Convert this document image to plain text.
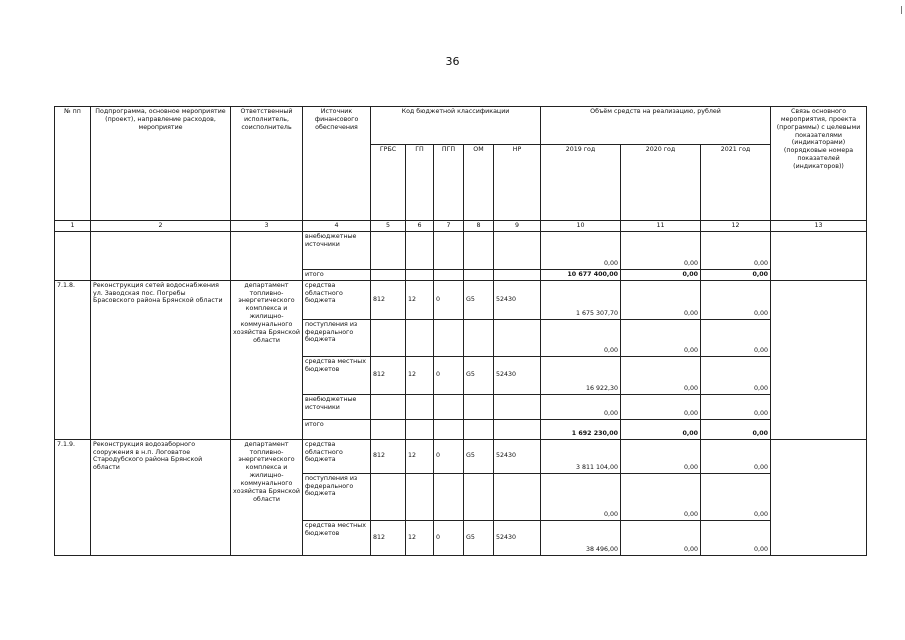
36
№ пп	Подпрограмма, основное мероприятие (проект), направление расходов, мероприятие	Ответственный исполнитель, соисполнитель	Источник финансового обеспечения	Код бюджетной классификации					Объём средств на реализацию, рублей			Связь основного мероприятия, проекта (программы) с целевыми показателями (индикаторами) (порядковые номера показателей (индикаторов))
				ГРБС	ГП	ПГП	ОМ	НР	2019 год	2020 год	2021 год	
1	2	3	4	5	6	7	8	9	10	11	12	13
			внебюджетные источники						0,00	0,00	0,00	
			итого						10 677 400,00	0,00	0,00	
7.1.8.	Реконструкция сетей водоснабжения ул. Заводская пос. Погребы Брасовского района Брянской области	департамент топливно-энергетического комплекса и жилищно-коммунального хозяйства Брянской области	средства областного бюджета	812	12	0	G5	52430	1 675 307,70	0,00	0,00	
			поступления из федерального бюджета						0,00	0,00	0,00	
			средства местных бюджетов	812	12	0	G5	52430	16 922,30	0,00	0,00	
			внебюджетные источники						0,00	0,00	0,00	
			итого						1 692 230,00	0,00	0,00	
7.1.9.	Реконструкция водозаборного сооружения в н.п. Логоватое Стародубского района Брянской области	департамент топливно-энергетического комплекса и жилищно-коммунального хозяйства Брянской области	средства областного бюджета	812	12	0	G5	52430	3 811 104,00	0,00	0,00	
			поступления из федерального бюджета						0,00	0,00	0,00	
			средства местных бюджетов	812	12	0	G5	52430	38 496,00	0,00	0,00	
